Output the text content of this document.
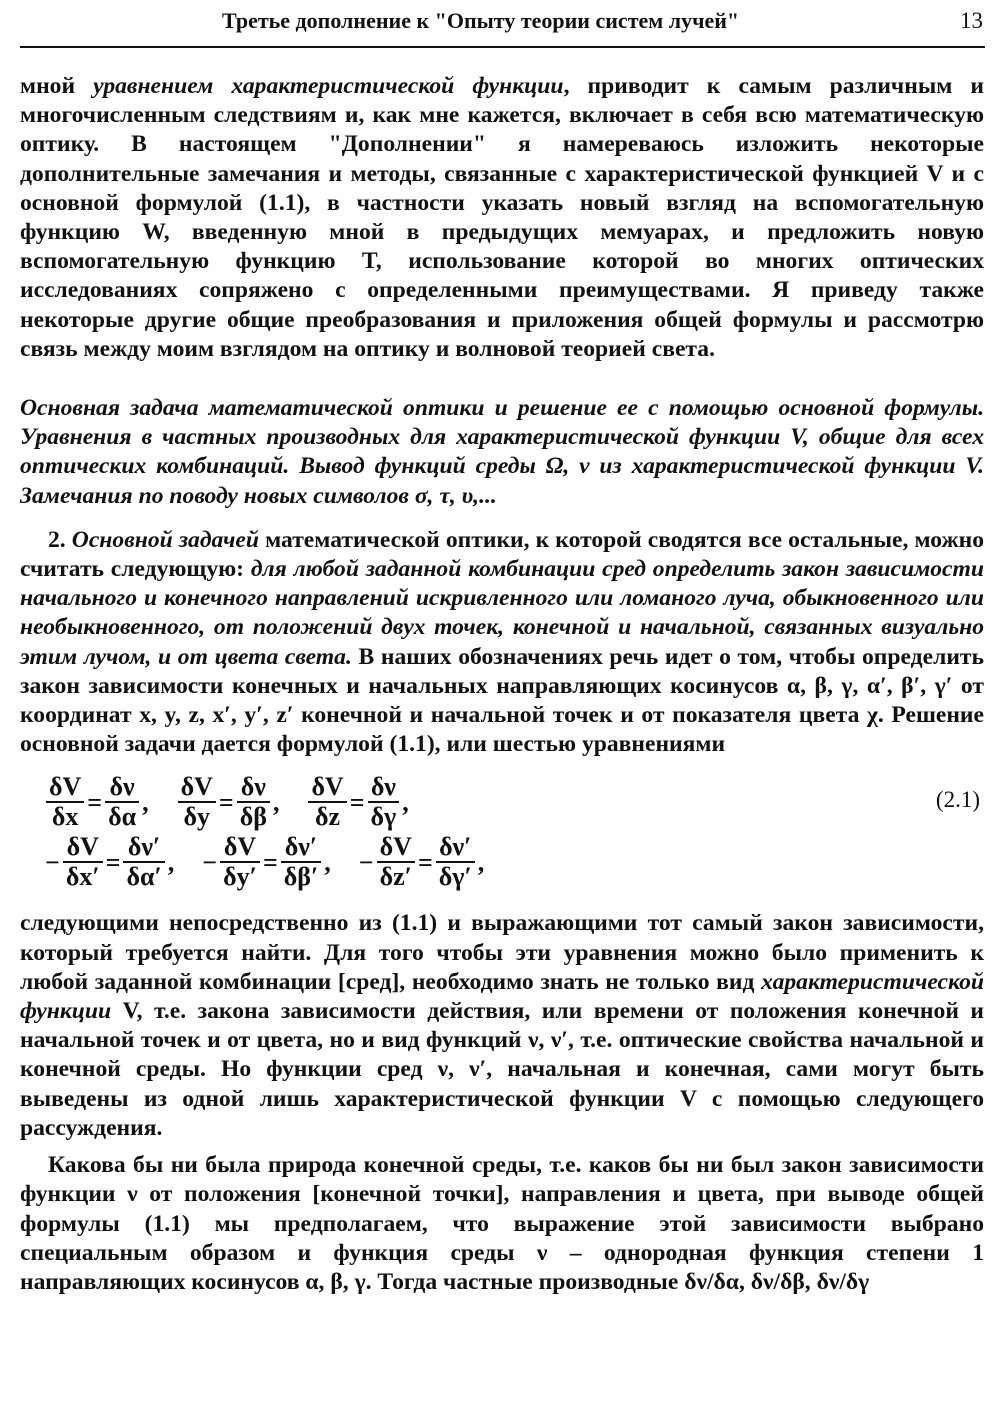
Третье дополнение к "Опыту теории систем лучей"	13

мной уравнением характеристической функции, приводит к самым различным и многочисленным следствиям и, как мне кажется, включает в себя всю математическую оптику. В настоящем "Дополнении" я намереваюсь изложить некоторые дополнительные замечания и методы, связанные с характеристической функцией V и с основной формулой (1.1), в частности указать новый взгляд на вспомогательную функцию W, введенную мной в предыдущих мемуарах, и предложить новую вспомогательную функцию T, использование которой во многих оптических исследованиях сопряжено с определенными преимуществами. Я приведу также некоторые другие общие преобразования и приложения общей формулы и рассмотрю связь между моим взглядом на оптику и волновой теорией света.

Основная задача математической оптики и решение ее с помощью основной формулы. Уравнения в частных производных для характеристической функции V, общие для всех оптических комбинаций. Вывод функций среды Ω, ν из характеристической функции V. Замечания по поводу новых символов σ, τ, υ,...

2. Основной задачей математической оптики, к которой сводятся все остальные, можно считать следующую: для любой заданной комбинации сред определить закон зависимости начального и конечного направлений искривленного или ломаного луча, обыкновенного или необыкновенного, от положений двух точек, конечной и начальной, связанных визуально этим лучом, и от цвета света. В наших обозначениях речь идет о том, чтобы определить закон зависимости конечных и начальных направляющих косинусов α, β, γ, α′, β′, γ′ от координат x, y, z, x′, y′, z′ конечной и начальной точек и от показателя цвета χ. Решение основной задачи дается формулой (1.1), или шестью уравнениями

$\frac{\delta V}{\delta x} = \frac{\delta\nu}{\delta\alpha}$ , $\frac{\delta V}{\delta y} = \frac{\delta\nu}{\delta\beta}$ , $\frac{\delta V}{\delta z} = \frac{\delta\nu}{\delta\gamma}$ ,
− $\frac{\delta V}{\delta x'} = \frac{\delta\nu'}{\delta\alpha'}$ , − $\frac{\delta V}{\delta y'} = \frac{\delta\nu'}{\delta\beta'}$ , − $\frac{\delta V}{\delta z'} = \frac{\delta\nu'}{\delta\gamma'}$ ,
(2.1)

следующими непосредственно из (1.1) и выражающими тот самый закон зависимости, который требуется найти. Для того чтобы эти уравнения можно было применить к любой заданной комбинации [сред], необходимо знать не только вид характеристической функции V, т.е. закона зависимости действия, или времени от положения конечной и начальной точек и от цвета, но и вид функций ν, ν′, т.е. оптические свойства начальной и конечной среды. Но функции сред ν, ν′, начальная и конечная, сами могут быть выведены из одной лишь характеристической функции V с помощью следующего рассуждения.

Какова бы ни была природа конечной среды, т.е. каков бы ни был закон зависимости функции ν от положения [конечной точки], направления и цвета, при выводе общей формулы (1.1) мы предполагаем, что выражение этой зависимости выбрано специальным образом и функция среды ν – однородная функция степени 1 направляющих косинусов α, β, γ. Тогда частные производные δν/δα, δν/δβ, δν/δγ
